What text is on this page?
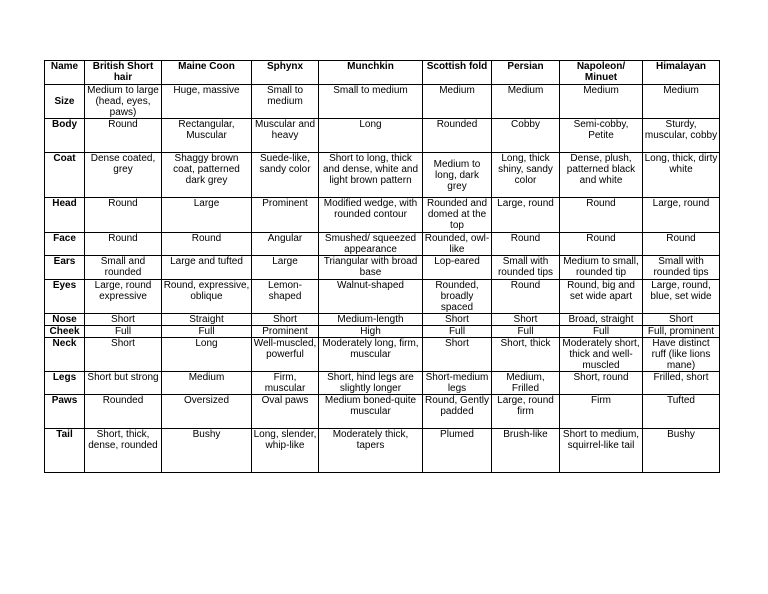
Name	British Short hair	Maine Coon	Sphynx	Munchkin	Scottish fold	Persian	Napoleon/ Minuet	Himalayan
Size	Medium to large (head, eyes, paws)	Huge, massive	Small to medium	Small to medium	Medium	Medium	Medium	Medium
Body	Round	Rectangular, Muscular	Muscular and heavy	Long	Rounded	Cobby	Semi-cobby, Petite	Sturdy, muscular, cobby
Coat	Dense coated, grey	Shaggy brown coat, patterned dark grey	Suede-like, sandy color	Short to long, thick and dense, white and light brown pattern	Medium to long, dark grey	Long, thick shiny, sandy color	Dense, plush, patterned black and white	Long, thick, dirty white
Head	Round	Large	Prominent	Modified wedge, with rounded contour	Rounded and domed at the top	Large, round	Round	Large, round
Face	Round	Round	Angular	Smushed/ squeezed appearance	Rounded, owl-like	Round	Round	Round
Ears	Small and rounded	Large and tufted	Large	Triangular with broad base	Lop-eared	Small with rounded tips	Medium to small, rounded tip	Small with rounded tips
Eyes	Large, round expressive	Round, expressive, oblique	Lemon-shaped	Walnut-shaped	Rounded, broadly spaced	Round	Round, big and set wide apart	Large, round, blue, set wide
Nose	Short	Straight	Short	Medium-length	Short	Short	Broad, straight	Short
Cheek	Full	Full	Prominent	High	Full	Full	Full	Full, prominent
Neck	Short	Long	Well-muscled, powerful	Moderately long, firm, muscular	Short	Short, thick	Moderately short, thick and well-muscled	Have distinct ruff (like lions mane)
Legs	Short but strong	Medium	Firm, muscular	Short, hind legs are slightly longer	Short-medium legs	Medium, Frilled	Short, round	Frilled, short
Paws	Rounded	Oversized	Oval paws	Medium boned-quite muscular	Round, Gently padded	Large, round firm	Firm	Tufted
Tail	Short, thick, dense, rounded	Bushy	Long, slender, whip-like	Moderately thick, tapers	Plumed	Brush-like	Short to medium, squirrel-like tail	Bushy
